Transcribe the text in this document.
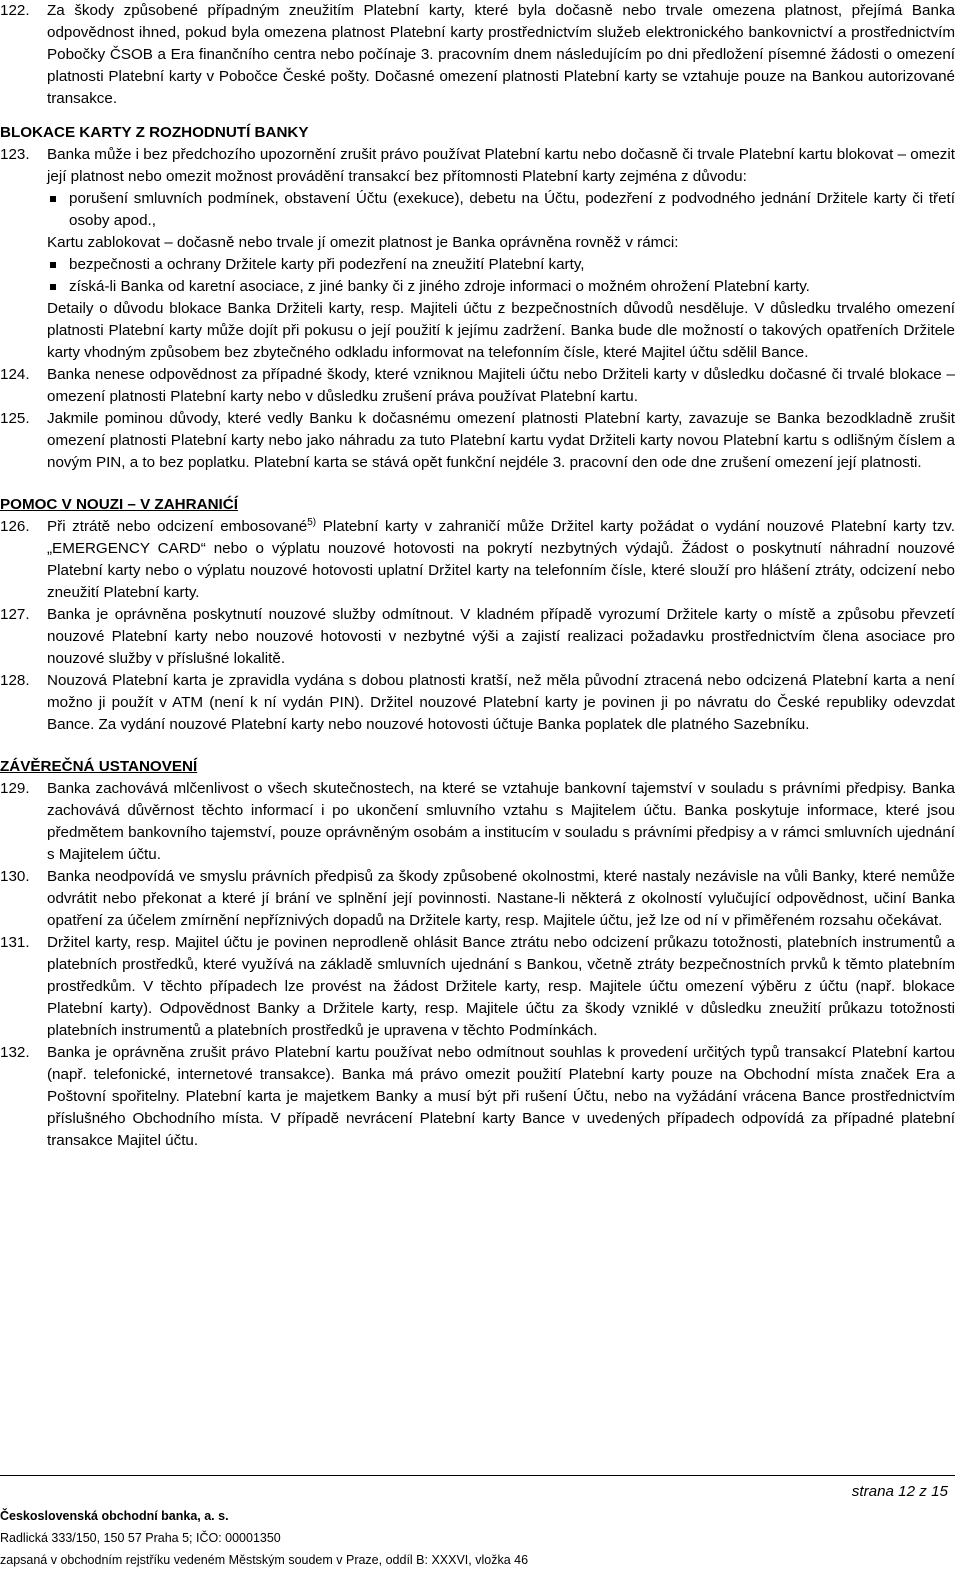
122. Za škody způsobené případným zneužitím Platební karty, které byla dočasně nebo trvale omezena platnost, přejímá Banka odpovědnost ihned, pokud byla omezena platnost Platební karty prostřednictvím služeb elektronického bankovnictví a prostřednictvím Pobočky ČSOB a Era finančního centra nebo počínaje 3. pracovním dnem následujícím po dni předložení písemné žádosti o omezení platnosti Platební karty v Pobočce České pošty. Dočasné omezení platnosti Platební karty se vztahuje pouze na Bankou autorizované transakce.
BLOKACE KARTY Z ROZHODNUTÍ BANKY
123. Banka může i bez předchozího upozornění zrušit právo používat Platební kartu nebo dočasně či trvale Platební kartu blokovat – omezit její platnost nebo omezit možnost provádění transakcí bez přítomnosti Platební karty zejména z důvodu:
porušení smluvních podmínek, obstavení Účtu (exekuce), debetu na Účtu, podezření z podvodného jednání Držitele karty či třetí osoby apod.,
Kartu zablokovat – dočasně nebo trvale jí omezit platnost je Banka oprávněna rovněž v rámci:
bezpečnosti a ochrany Držitele karty při podezření na zneužití Platební karty,
získá-li Banka od karetní asociace, z jiné banky či z jiného zdroje informaci o možném ohrožení Platební karty.
Detaily o důvodu blokace Banka Držiteli karty, resp. Majiteli účtu z bezpečnostních důvodů nesděluje. V důsledku trvalého omezení platnosti Platební karty může dojít při pokusu o její použití k jejímu zadržení. Banka bude dle možností o takových opatřeních Držitele karty vhodným způsobem bez zbytečného odkladu informovat na telefonním čísle, které Majitel účtu sdělil Bance.
124. Banka nenese odpovědnost za případné škody, které vzniknou Majiteli účtu nebo Držiteli karty v důsledku dočasné či trvalé blokace – omezení platnosti Platební karty nebo v důsledku zrušení práva používat Platební kartu.
125. Jakmile pominou důvody, které vedly Banku k dočasnému omezení platnosti Platební karty, zavazuje se Banka bezodkladně zrušit omezení platnosti Platební karty nebo jako náhradu za tuto Platební kartu vydat Držiteli karty novou Platební kartu s odlišným číslem a novým PIN, a to bez poplatku. Platební karta se stává opět funkční nejdéle 3. pracovní den ode dne zrušení omezení její platnosti.
POMOC V NOUZI – V ZAHRANIĆÍ
126. Při ztrátě nebo odcizení embosované$^{5)}$ Platební karty v zahraničí může Držitel karty požádat o vydání nouzové Platební karty tzv. „EMERGENCY CARD“ nebo o výplatu nouzové hotovosti na pokrytí nezbytných výdajů. Žádost o poskytnutí náhradní nouzové Platební karty nebo o výplatu nouzové hotovosti uplatní Držitel karty na telefonním čísle, které slouží pro hlášení ztráty, odcizení nebo zneužití Platební karty.
127. Banka je oprávněna poskytnutí nouzové služby odmítnout. V kladném případě vyrozumí Držitele karty o místě a způsobu převzetí nouzové Platební karty nebo nouzové hotovosti v nezbytné výši a zajistí realizaci požadavku prostřednictvím člena asociace pro nouzové služby v příslušné lokalitě.
128. Nouzová Platební karta je zpravidla vydána s dobou platnosti kratší, než měla původní ztracená nebo odcizená Platební karta a není možno ji použít v ATM (není k ní vydán PIN). Držitel nouzové Platební karty je povinen ji po návratu do České republiky odevzdat Bance. Za vydání nouzové Platební karty nebo nouzové hotovosti účtuje Banka poplatek dle platného Sazebníku.
ZÁVĚREČNÁ USTANOVENÍ
129. Banka zachovává mlčenlivost o všech skutečnostech, na které se vztahuje bankovní tajemství v souladu s právními předpisy. Banka zachovává důvěrnost těchto informací i po ukončení smluvního vztahu s Majitelem účtu. Banka poskytuje informace, které jsou předmětem bankovního tajemství, pouze oprávněným osobám a institucím v souladu s právními předpisy a v rámci smluvních ujednání s Majitelem účtu.
130. Banka neodpovídá ve smyslu právních předpisů za škody způsobené okolnostmi, které nastaly nezávisle na vůli Banky, které nemůže odvrátit nebo překonat a které jí brání ve splnění její povinnosti. Nastane-li některá z okolností vylučující odpovědnost, učiní Banka opatření za účelem zmírnění nepříznivých dopadů na Držitele karty, resp. Majitele účtu, jež lze od ní v přiměřeném rozsahu očekávat.
131. Držitel karty, resp. Majitel účtu je povinen neprodleně ohlásit Bance ztrátu nebo odcizení průkazu totožnosti, platebních instrumentů a platebních prostředků, které využívá na základě smluvních ujednání s Bankou, včetně ztráty bezpečnostních prvků k těmto platebním prostředkům. V těchto případech lze provést na žádost Držitele karty, resp. Majitele účtu omezení výběru z účtu (např. blokace Platební karty). Odpovědnost Banky a Držitele karty, resp. Majitele účtu za škody vzniklé v důsledku zneužití průkazu totožnosti platebních instrumentů a platebních prostředků je upravena v těchto Podmínkách.
132. Banka je oprávněna zrušit právo Platební kartu používat nebo odmítnout souhlas k provedení určitých typů transakcí Platební kartou (např. telefonické, internetové transakce). Banka má právo omezit použití Platební karty pouze na Obchodní místa značek Era a Poštovní spořitelny. Platební karta je majetkem Banky a musí být při rušení Účtu, nebo na vyžádání vrácena Bance prostřednictvím příslušného Obchodního místa. V případě nevrácení Platební karty Bance v uvedených případech odpovídá za případné platební transakce Majitel účtu.
strana 12 z 15
Československá obchodní banka, a. s.
Radlická 333/150, 150 57 Praha 5; IČO: 00001350
zapsaná v obchodním rejstříku vedeném Městským soudem v Praze, oddíl B: XXXVI, vložka 46
